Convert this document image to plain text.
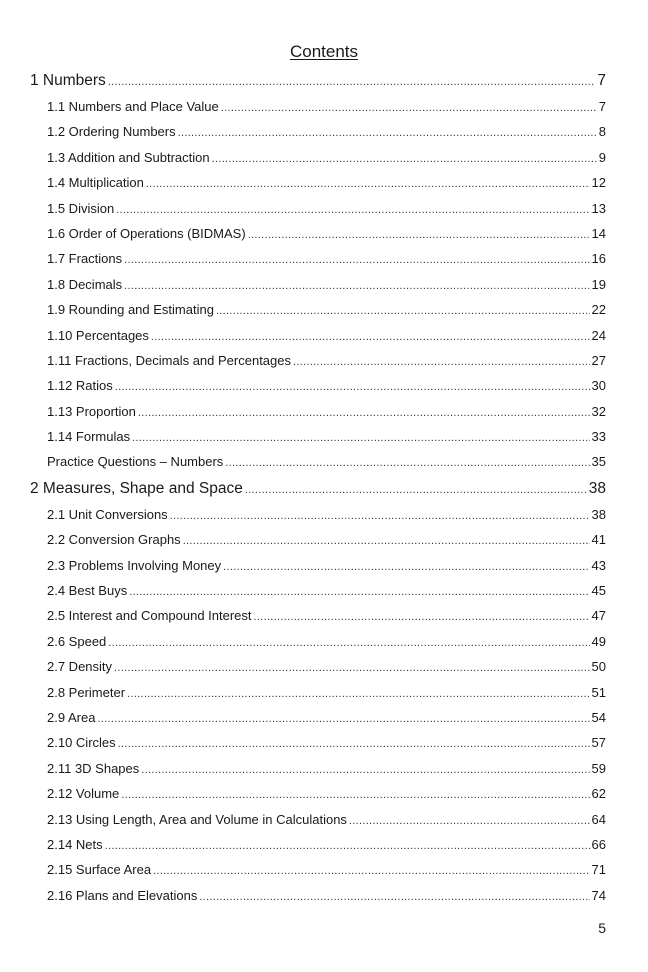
Contents
1 Numbers .....	7
1.1 Numbers and Place Value .....	7
1.2 Ordering Numbers .....	8
1.3 Addition and Subtraction .....	9
1.4 Multiplication .....	12
1.5 Division .....	13
1.6 Order of Operations (BIDMAS) .....	14
1.7 Fractions .....	16
1.8 Decimals .....	19
1.9 Rounding and Estimating .....	22
1.10 Percentages .....	24
1.11 Fractions, Decimals and Percentages .....	27
1.12 Ratios .....	30
1.13 Proportion .....	32
1.14 Formulas .....	33
Practice Questions – Numbers .....	35
2 Measures, Shape and Space .....	38
2.1 Unit Conversions .....	38
2.2 Conversion Graphs .....	41
2.3 Problems Involving Money .....	43
2.4 Best Buys .....	45
2.5 Interest and Compound Interest .....	47
2.6 Speed .....	49
2.7 Density .....	50
2.8 Perimeter .....	51
2.9 Area .....	54
2.10 Circles .....	57
2.11 3D Shapes .....	59
2.12 Volume .....	62
2.13 Using Length, Area and Volume in Calculations .....	64
2.14 Nets .....	66
2.15 Surface Area .....	71
2.16 Plans and Elevations .....	74
5
